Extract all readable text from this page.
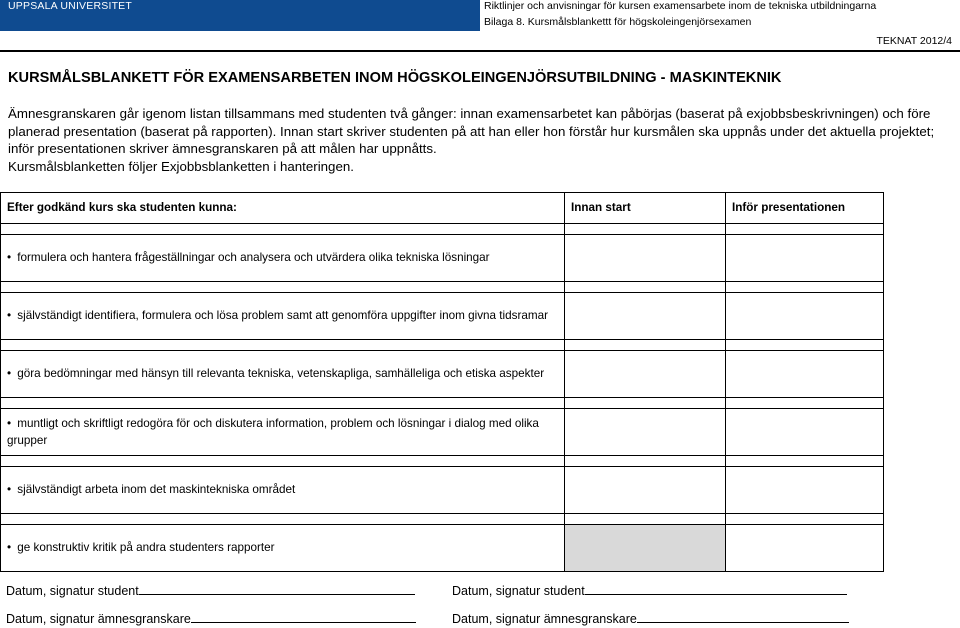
UPPSALA UNIVERSITET	Riktlinjer och anvisningar för kursen examensarbete inom de tekniska utbildningarna
Bilaga 8. Kursmålsblankettt för högskoleingenjörsexamen
TEKNAT 2012/4
KURSMÅLSBLANKETT FÖR EXAMENSARBETEN INOM HÖGSKOLEINGENJÖRSUTBILDNING - MASKINTEKNIK

Ämnesgranskaren går igenom listan tillsammans med studenten två gånger: innan examensarbetet kan påbörjas (baserat på exjobbsbeskrivningen) och före planerad presentation (baserat på rapporten). Innan start skriver studenten på att han eller hon förstår hur kursmålen ska uppnås under det aktuella projektet; inför presentationen skriver ämnesgranskaren på att målen har uppnåtts.

Kursmålsblanketten följer Exjobbsblanketten i hanteringen.

Efter godkänd kurs ska studenten kunna:	Innan start	Inför presentationen

• formulera och hantera frågeställningar och analysera och utvärdera olika tekniska lösningar		

• självständigt identifiera, formulera och lösa problem samt att genomföra uppgifter inom givna tidsramar		

• göra bedömningar med hänsyn till relevanta tekniska, vetenskapliga, samhälleliga och etiska aspekter		

• muntligt och skriftligt redogöra för och diskutera information, problem och lösningar i dialog med olika grupper		

• självständigt arbeta inom det maskintekniska området		

• ge konstruktiv kritik på andra studenters rapporter		
Datum, signatur student
Datum, signatur ämnesgranskare
Datum, signatur student
Datum, signatur ämnesgranskare
